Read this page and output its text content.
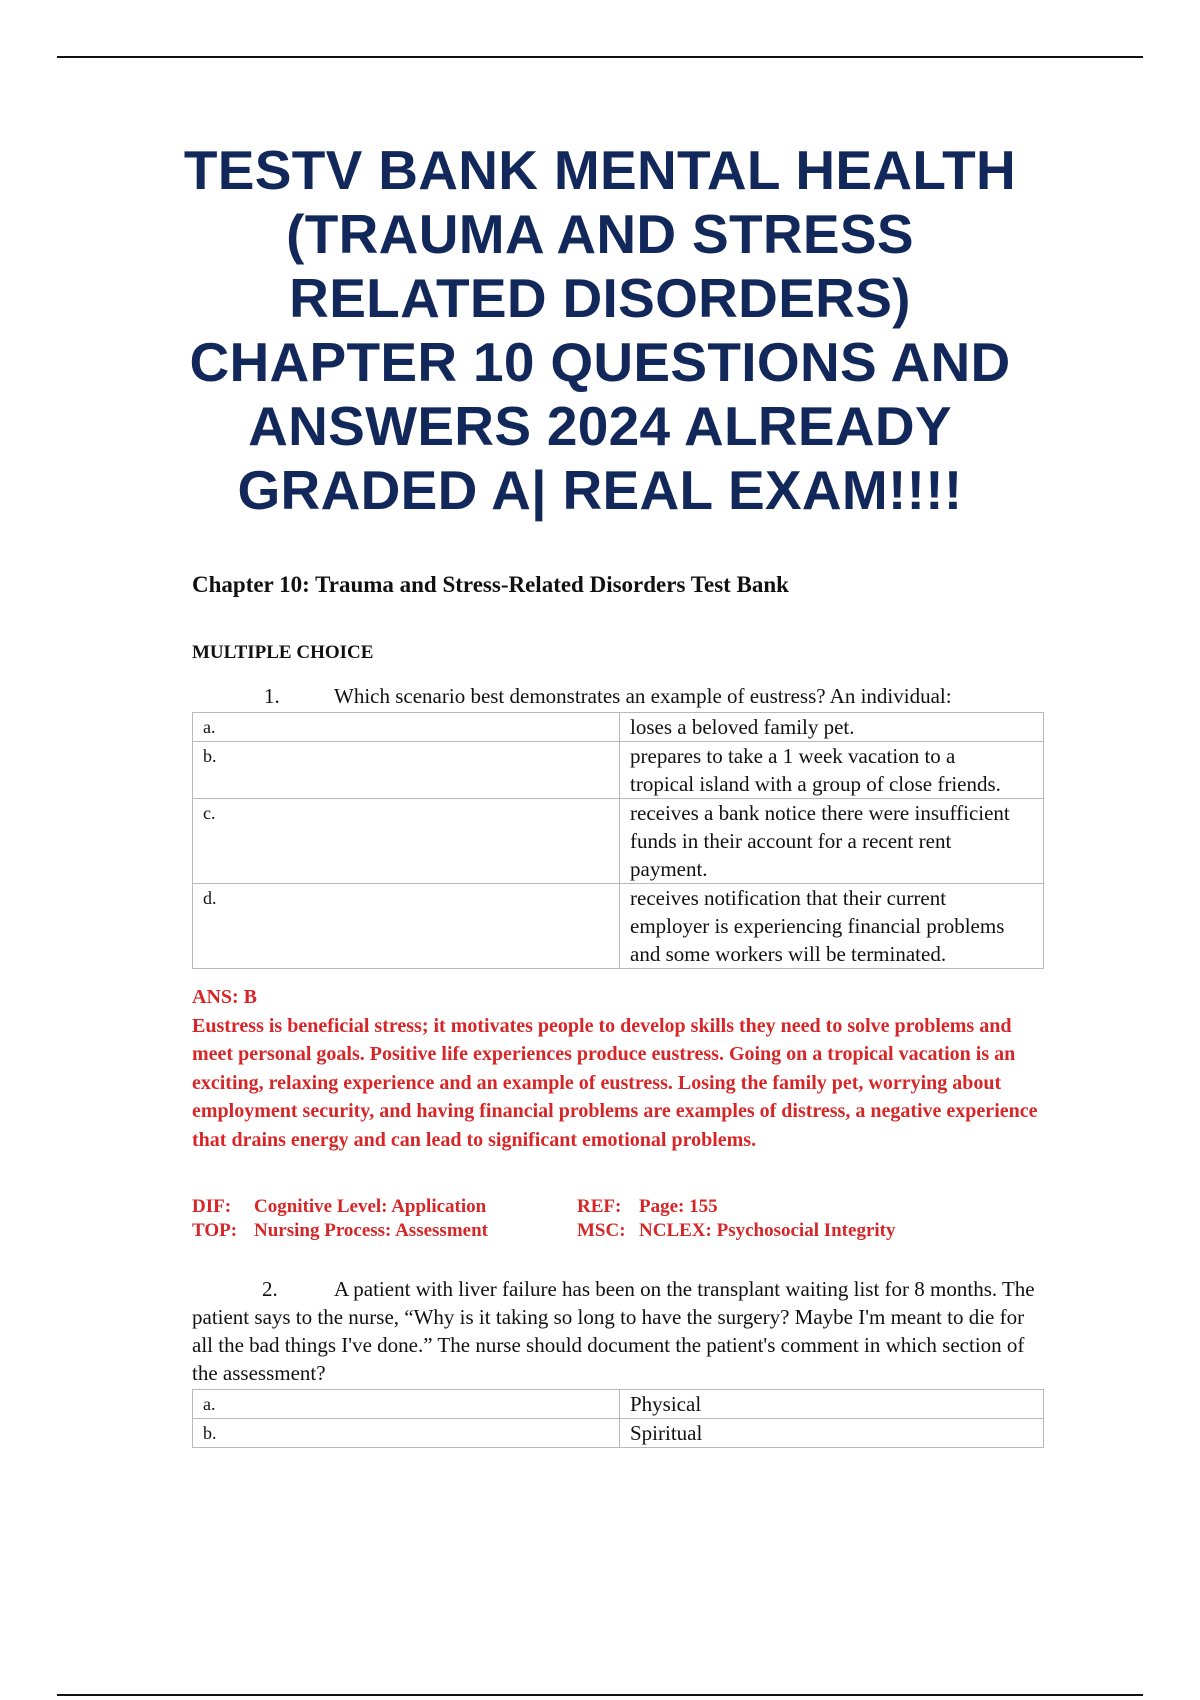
TESTV BANK MENTAL HEALTH
(TRAUMA AND STRESS
RELATED DISORDERS)
CHAPTER 10 QUESTIONS AND
ANSWERS 2024 ALREADY
GRADED A| REAL EXAM!!!!

Chapter 10: Trauma and Stress-Related Disorders Test Bank

MULTIPLE CHOICE

1.	Which scenario best demonstrates an example of eustress? An individual:

a.	loses a beloved family pet.
b.	prepares to take a 1 week vacation to a tropical island with a group of close friends.
c.	receives a bank notice there were insufficient funds in their account for a recent rent payment.
d.	receives notification that their current employer is experiencing financial problems and some workers will be terminated.
ANS: B
Eustress is beneficial stress; it motivates people to develop skills they need to solve problems and meet personal goals. Positive life experiences produce eustress. Going on a tropical vacation is an exciting, relaxing experience and an example of eustress. Losing the family pet, worrying about employment security, and having financial problems are examples of distress, a negative experience that drains energy and can lead to significant emotional problems.
DIF: Cognitive Level: Application	REF: Page: 155
TOP: Nursing Process: Assessment	MSC: NCLEX: Psychosocial Integrity

2.	A patient with liver failure has been on the transplant waiting list for 8 months. The patient says to the nurse, “Why is it taking so long to have the surgery? Maybe I'm meant to die for all the bad things I've done.” The nurse should document the patient's comment in which section of the assessment?

a.	Physical
b.	Spiritual
